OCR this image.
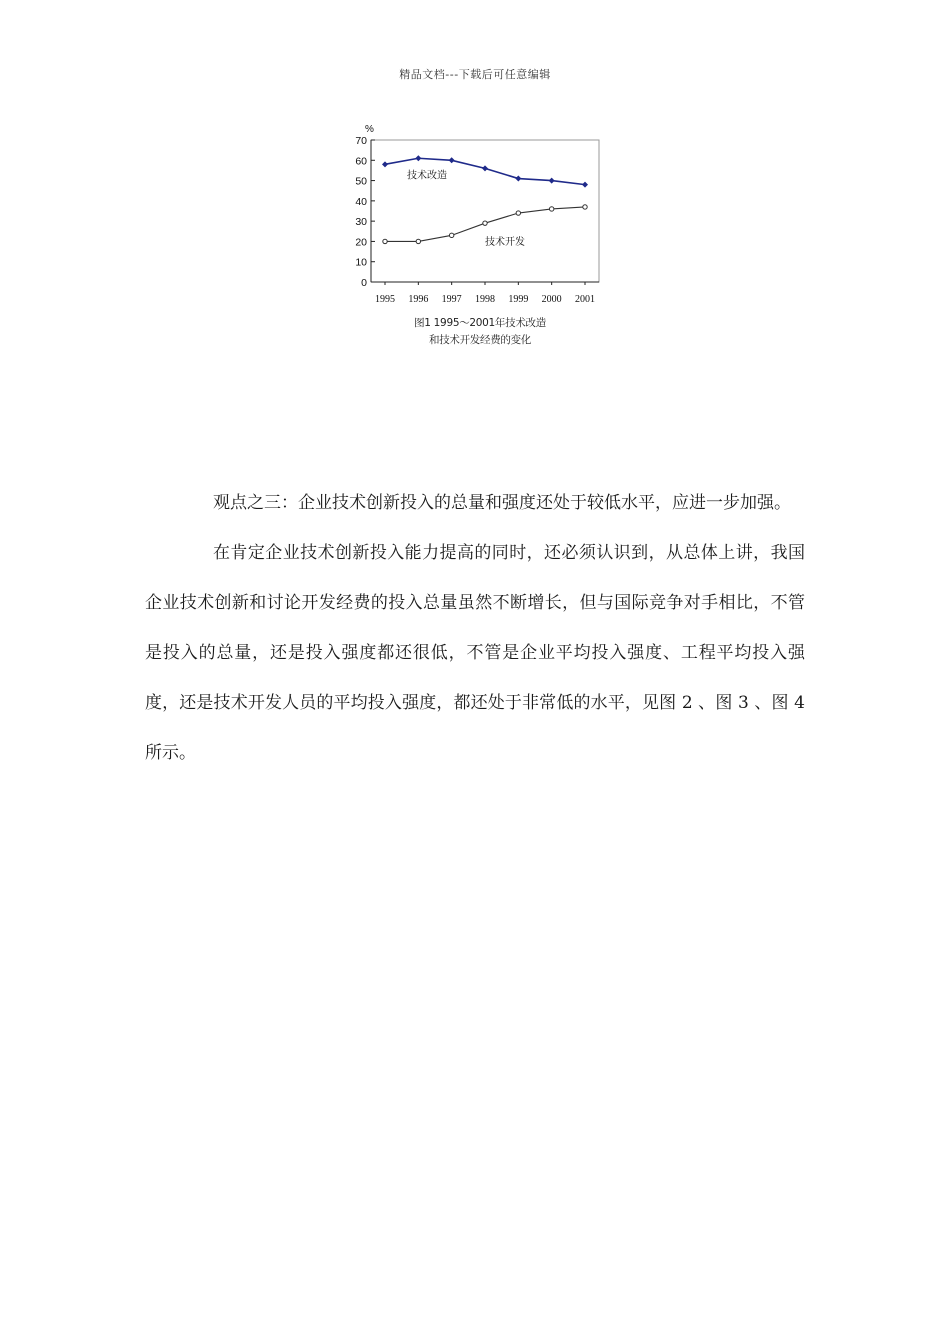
精品文档---下载后可任意编辑
0
10
20
30
40
50
60
70
%
1995 1996 1997 1998 1999 2000 2001
技术改造
技术开发
图1 1995～2001年技术改造
和技术开发经费的变化

观点之三：企业技术创新投入的总量和强度还处于较低水平，应进一步加强。

在肯定企业技术创新投入能力提高的同时，还必须认识到，从总体上讲，我国企业技术创新和讨论开发经费的投入总量虽然不断增长，但与国际竞争对手相比，不管是投入的总量，还是投入强度都还很低，不管是企业平均投入强度、工程平均投入强度，还是技术开发人员的平均投入强度，都还处于非常低的水平，见图 2 、图 3 、图 4 所示。
